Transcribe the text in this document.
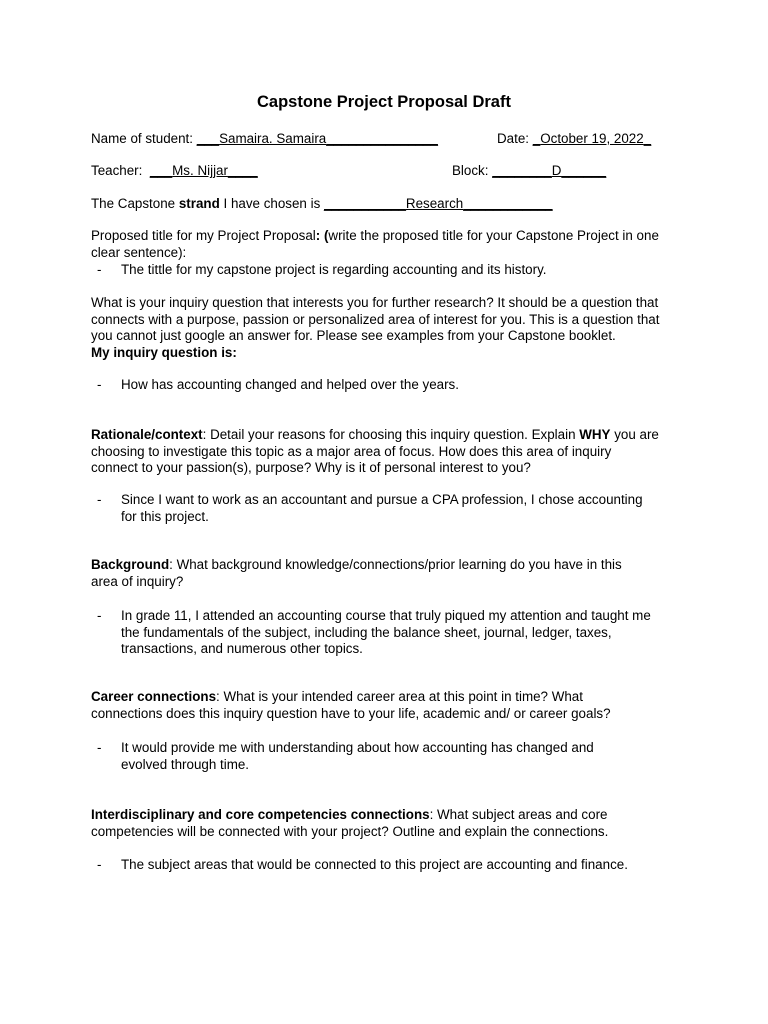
Capstone Project Proposal Draft
Name of student: ___Samaira. Samaira_______________	Date: _October 19, 2022_
Teacher: ___Ms. Nijjar____	Block: ________D______
The Capstone strand I have chosen is ___________Research____________
Proposed title for my Project Proposal: (write the proposed title for your Capstone Project in one
clear sentence):
- The tittle for my capstone project is regarding accounting and its history.
What is your inquiry question that interests you for further research? It should be a question that
connects with a purpose, passion or personalized area of interest for you. This is a question that
you cannot just google an answer for. Please see examples from your Capstone booklet.
My inquiry question is:
- How has accounting changed and helped over the years.
Rationale/context: Detail your reasons for choosing this inquiry question. Explain WHY you are
choosing to investigate this topic as a major area of focus. How does this area of inquiry
connect to your passion(s), purpose? Why is it of personal interest to you?
- Since I want to work as an accountant and pursue a CPA profession, I chose accounting
for this project.
Background: What background knowledge/connections/prior learning do you have in this
area of inquiry?
- In grade 11, I attended an accounting course that truly piqued my attention and taught me
the fundamentals of the subject, including the balance sheet, journal, ledger, taxes,
transactions, and numerous other topics.
Career connections: What is your intended career area at this point in time? What
connections does this inquiry question have to your life, academic and/ or career goals?
- It would provide me with understanding about how accounting has changed and
evolved through time.
Interdisciplinary and core competencies connections: What subject areas and core
competencies will be connected with your project? Outline and explain the connections.
- The subject areas that would be connected to this project are accounting and finance.
